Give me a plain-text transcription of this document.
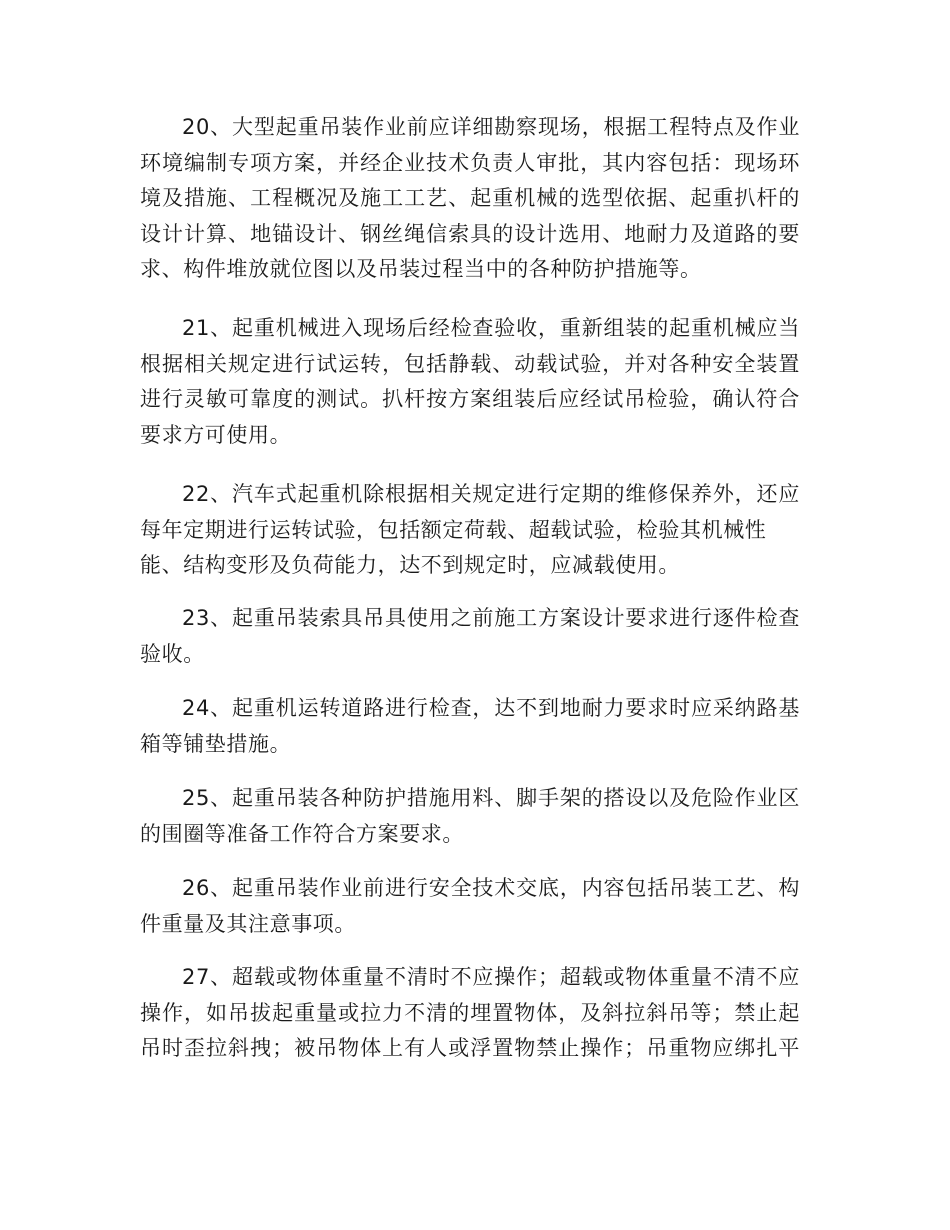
20、大型起重吊装作业前应详细勘察现场，根据工程特点及作业
环境编制专项方案，并经企业技术负责人审批，其内容包括：现场环
境及措施、工程概况及施工工艺、起重机械的选型依据、起重扒杆的
设计计算、地锚设计、钢丝绳信索具的设计选用、地耐力及道路的要
求、构件堆放就位图以及吊装过程当中的各种防护措施等。

21、起重机械进入现场后经检查验收，重新组装的起重机械应当
根据相关规定进行试运转，包括静载、动载试验，并对各种安全装置
进行灵敏可靠度的测试。扒杆按方案组装后应经试吊检验，确认符合
要求方可使用。

22、汽车式起重机除根据相关规定进行定期的维修保养外，还应
每年定期进行运转试验，包括额定荷载、超载试验，检验其机械性
能、结构变形及负荷能力，达不到规定时，应减载使用。

23、起重吊装索具吊具使用之前施工方案设计要求进行逐件检查
验收。

24、起重机运转道路进行检查，达不到地耐力要求时应采纳路基
箱等铺垫措施。

25、起重吊装各种防护措施用料、脚手架的搭设以及危险作业区
的围圈等准备工作符合方案要求。

26、起重吊装作业前进行安全技术交底，内容包括吊装工艺、构
件重量及其注意事项。

27、超载或物体重量不清时不应操作；超载或物体重量不清不应
操作，如吊拔起重量或拉力不清的埋置物体，及斜拉斜吊等；禁止起
吊时歪拉斜拽；被吊物体上有人或浮置物禁止操作；吊重物应绑扎平
